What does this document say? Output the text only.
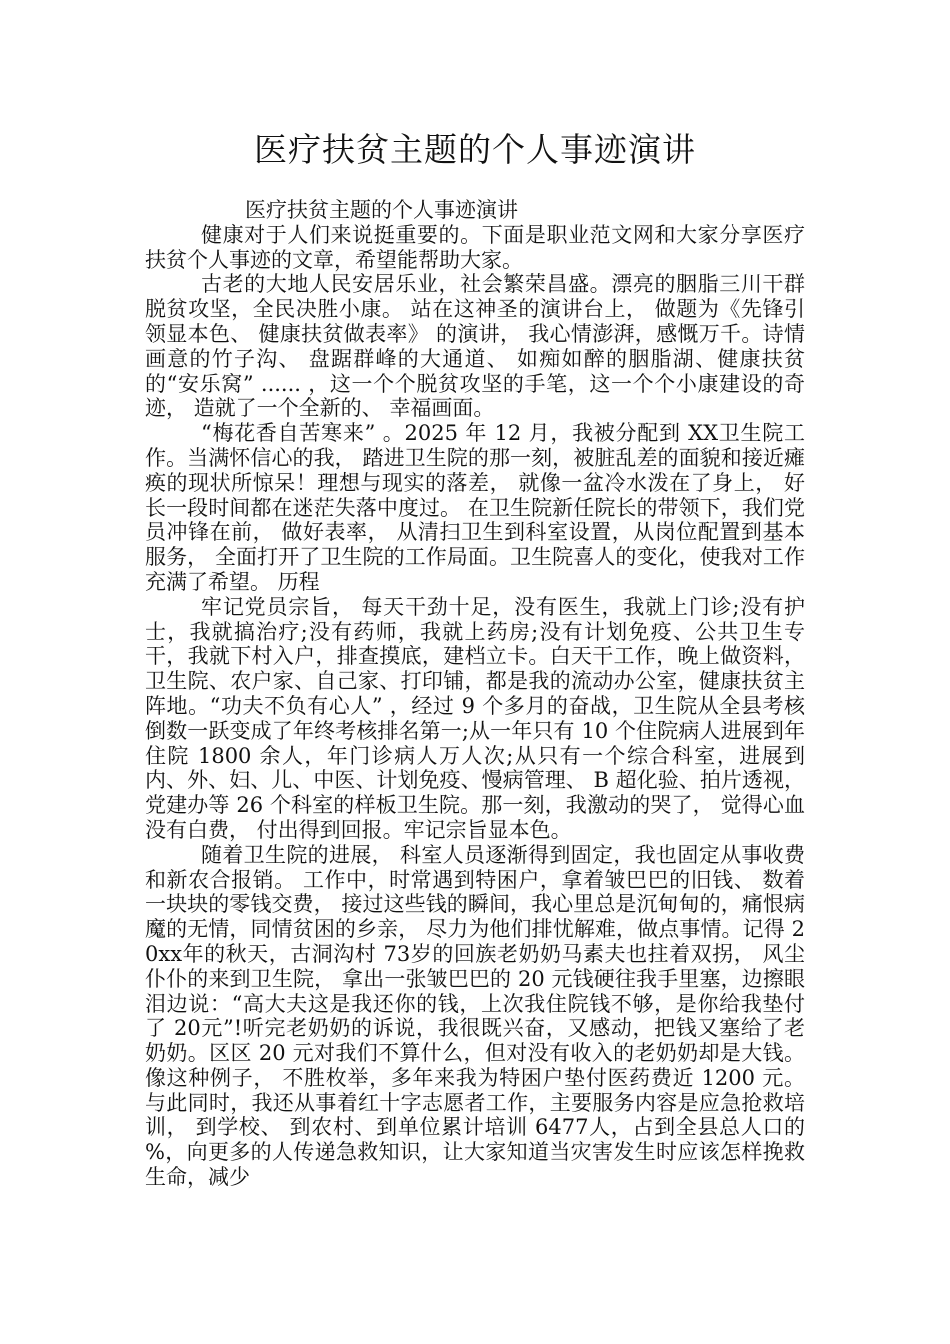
医疗扶贫主题的个人事迹演讲

医疗扶贫主题的个人事迹演讲

健康对于人们来说挺重要的。下面是职业范文网和大家分享医疗扶贫个人事迹的文章，希望能帮助大家。

古老的大地人民安居乐业，社会繁荣昌盛。漂亮的胭脂三川干群脱贫攻坚，全民决胜小康。 站在这神圣的演讲台上， 做题为《先锋引领显本色、 健康扶贫做表率》 的演讲， 我心情澎湃，感慨万千。诗情画意的竹子沟、 盘踞群峰的大通道、 如痴如醉的胭脂湖、健康扶贫的“安乐窝” ...... ，这一个个脱贫攻坚的手笔，这一个个小康建设的奇迹， 造就了一个全新的、 幸福画面。

“梅花香自苦寒来” 。2025 年 12 月，我被分配到 XX卫生院工作。当满怀信心的我， 踏进卫生院的那一刻，被脏乱差的面貌和接近瘫痪的现状所惊呆！理想与现实的落差， 就像一盆冷水泼在了身上， 好长一段时间都在迷茫失落中度过。 在卫生院新任院长的带领下，我们党员冲锋在前， 做好表率， 从清扫卫生到科室设置，从岗位配置到基本服务， 全面打开了卫生院的工作局面。卫生院喜人的变化，使我对工作充满了希望。 历程

牢记党员宗旨， 每天干劲十足，没有医生，我就上门诊;没有护士，我就搞治疗;没有药师，我就上药房;没有计划免疫、公共卫生专干，我就下村入户，排查摸底，建档立卡。白天干工作，晚上做资料，卫生院、农户家、自己家、打印铺，都是我的流动办公室，健康扶贫主阵地。“功夫不负有心人” ，经过 9 个多月的奋战，卫生院从全县考核倒数一跃变成了年终考核排名第一;从一年只有 10 个住院病人进展到年住院 1800 余人，年门诊病人万人次;从只有一个综合科室，进展到内、外、妇、儿、中医、计划免疫、慢病管理、 B 超化验、拍片透视，党建办等 26 个科室的样板卫生院。那一刻，我激动的哭了， 觉得心血没有白费， 付出得到回报。牢记宗旨显本色。

随着卫生院的进展， 科室人员逐渐得到固定，我也固定从事收费和新农合报销。 工作中，时常遇到特困户，拿着皱巴巴的旧钱、 数着一块块的零钱交费， 接过这些钱的瞬间，我心里总是沉甸甸的，痛恨病魔的无情，同情贫困的乡亲， 尽力为他们排忧解难，做点事情。记得 20xx年的秋天，古洞沟村 73岁的回族老奶奶马素夫也拄着双拐， 风尘仆仆的来到卫生院， 拿出一张皱巴巴的 20 元钱硬往我手里塞，边擦眼泪边说：“高大夫这是我还你的钱，上次我住院钱不够，是你给我垫付了 20元”!听完老奶奶的诉说，我很既兴奋，又感动，把钱又塞给了老奶奶。区区 20 元对我们不算什么，但对没有收入的老奶奶却是大钱。像这种例子， 不胜枚举，多年来我为特困户垫付医药费近 1200 元。与此同时，我还从事着红十字志愿者工作，主要服务内容是应急抢救培训， 到学校、 到农村、到单位累计培训 6477人，占到全县总人口的 %，向更多的人传递急救知识，让大家知道当灾害发生时应该怎样挽救生命，减少
